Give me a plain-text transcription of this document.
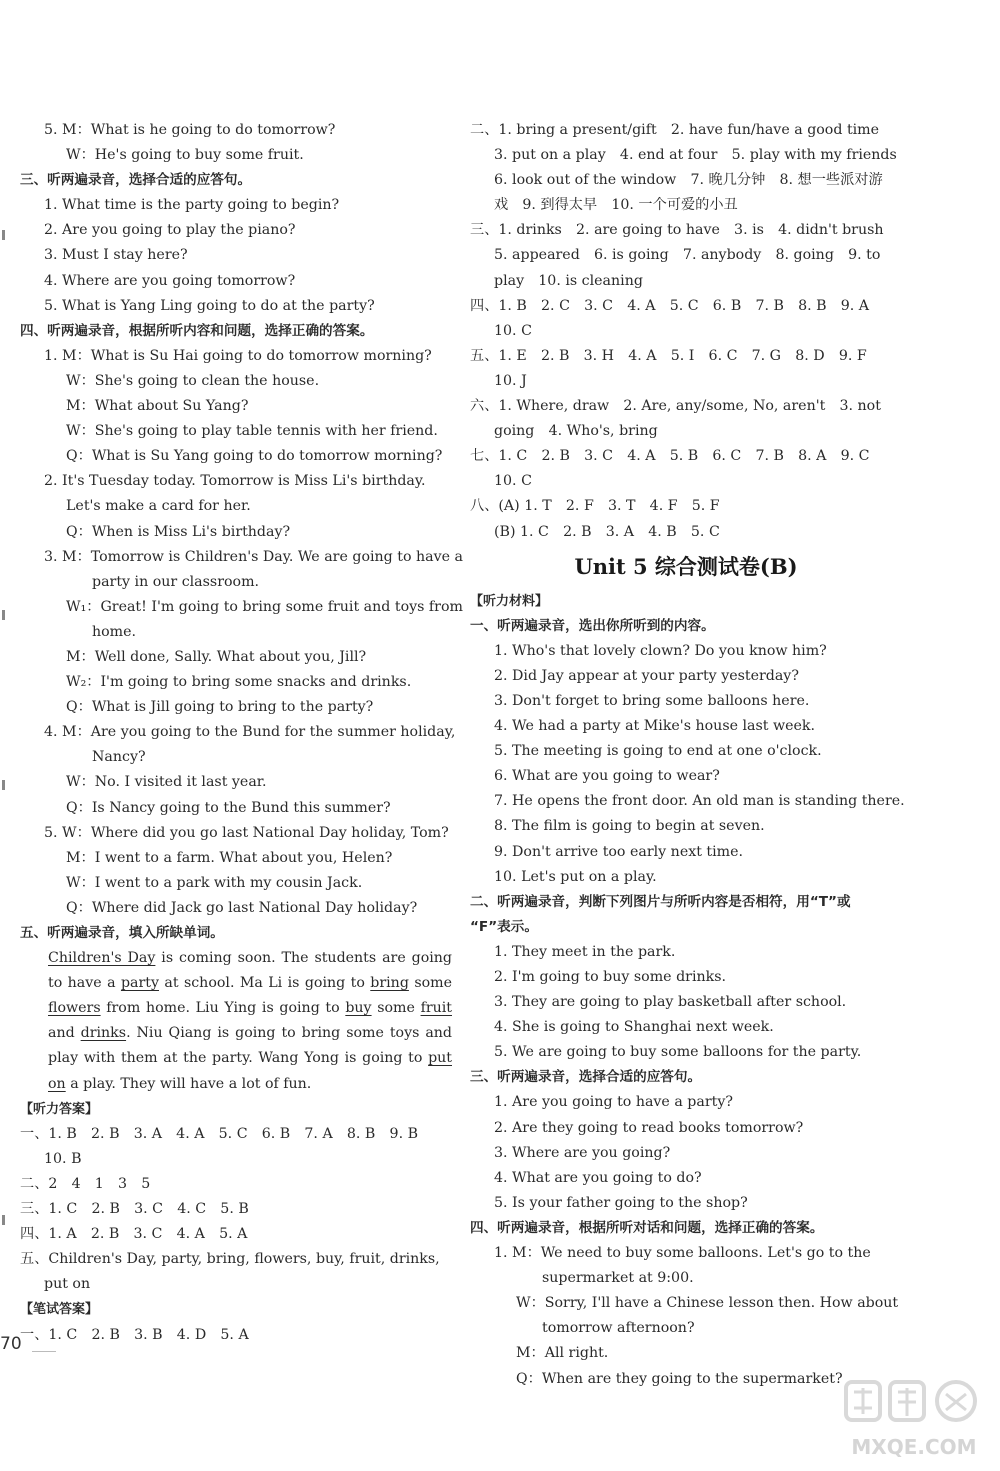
5. M：What is he going to do tomorrow?
W：He's going to buy some fruit.
三、听两遍录音，选择合适的应答句。
1. What time is the party going to begin?
2. Are you going to play the piano?
3. Must I stay here?
4. Where are you going tomorrow?
5. What is Yang Ling going to do at the party?
四、听两遍录音，根据所听内容和问题，选择正确的答案。
1. M：What is Su Hai going to do tomorrow morning?
W：She's going to clean the house.
M：What about Su Yang?
W：She's going to play table tennis with her friend.
Q：What is Su Yang going to do tomorrow morning?
2. It's Tuesday today. Tomorrow is Miss Li's birthday.
Let's make a card for her.
Q：When is Miss Li's birthday?
3. M：Tomorrow is Children's Day. We are going to have a
party in our classroom.
W₁：Great! I'm going to bring some fruit and toys from
home.
M：Well done, Sally. What about you, Jill?
W₂：I'm going to bring some snacks and drinks.
Q：What is Jill going to bring to the party?
4. M：Are you going to the Bund for the summer holiday,
Nancy?
W：No. I visited it last year.
Q：Is Nancy going to the Bund this summer?
5. W：Where did you go last National Day holiday, Tom?
M：I went to a farm. What about you, Helen?
W：I went to a park with my cousin Jack.
Q：Where did Jack go last National Day holiday?
五、听两遍录音，填入所缺单词。
Children's Day is coming soon. The students are going to have a party at school. Ma Li is going to bring some flowers from home. Liu Ying is going to buy some fruit and drinks. Niu Qiang is going to bring some toys and play with them at the party. Wang Yong is going to put on a play. They will have a lot of fun.
【听力答案】
一、1. B　2. B　3. A　4. A　5. C　6. B　7. A　8. B　9. B
10. B
二、2　4　1　3　5
三、1. C　2. B　3. C　4. C　5. B
四、1. A　2. B　3. C　4. A　5. A
五、Children's Day, party, bring, flowers, buy, fruit, drinks,
put on
【笔试答案】
一、1. C　2. B　3. B　4. D　5. A
二、1. bring a present/gift　2. have fun/have a good time
3. put on a play　4. end at four　5. play with my friends
6. look out of the window　7. 晚几分钟　8. 想一些派对游
戏　9. 到得太早　10. 一个可爱的小丑
三、1. drinks　2. are going to have　3. is　4. didn't brush
5. appeared　6. is going　7. anybody　8. going　9. to
play　10. is cleaning
四、1. B　2. C　3. C　4. A　5. C　6. B　7. B　8. B　9. A
10. C
五、1. E　2. B　3. H　4. A　5. I　6. C　7. G　8. D　9. F
10. J
六、1. Where, draw　2. Are, any/some, No, aren't　3. not
going　4. Who's, bring
七、1. C　2. B　3. C　4. A　5. B　6. C　7. B　8. A　9. C
10. C
八、(A) 1. T　2. F　3. T　4. F　5. F
(B) 1. C　2. B　3. A　4. B　5. C
Unit 5 综合测试卷(B)
【听力材料】
一、听两遍录音，选出你所听到的内容。
1. Who's that lovely clown? Do you know him?
2. Did Jay appear at your party yesterday?
3. Don't forget to bring some balloons here.
4. We had a party at Mike's house last week.
5. The meeting is going to end at one o'clock.
6. What are you going to wear?
7. He opens the front door. An old man is standing there.
8. The film is going to begin at seven.
9. Don't arrive too early next time.
10. Let's put on a play.
二、听两遍录音，判断下列图片与所听内容是否相符，用“T”或
“F”表示。
1. They meet in the park.
2. I'm going to buy some drinks.
3. They are going to play basketball after school.
4. She is going to Shanghai next week.
5. We are going to buy some balloons for the party.
三、听两遍录音，选择合适的应答句。
1. Are you going to have a party?
2. Are they going to read books tomorrow?
3. Where are you going?
4. What are you going to do?
5. Is your father going to the shop?
四、听两遍录音，根据所听对话和问题，选择正确的答案。
1. M：We need to buy some balloons. Let's go to the
supermarket at 9:00.
W：Sorry, I'll have a Chinese lesson then. How about
tomorrow afternoon?
M：All right.
Q：When are they going to the supermarket?
70
MXQE.COM
